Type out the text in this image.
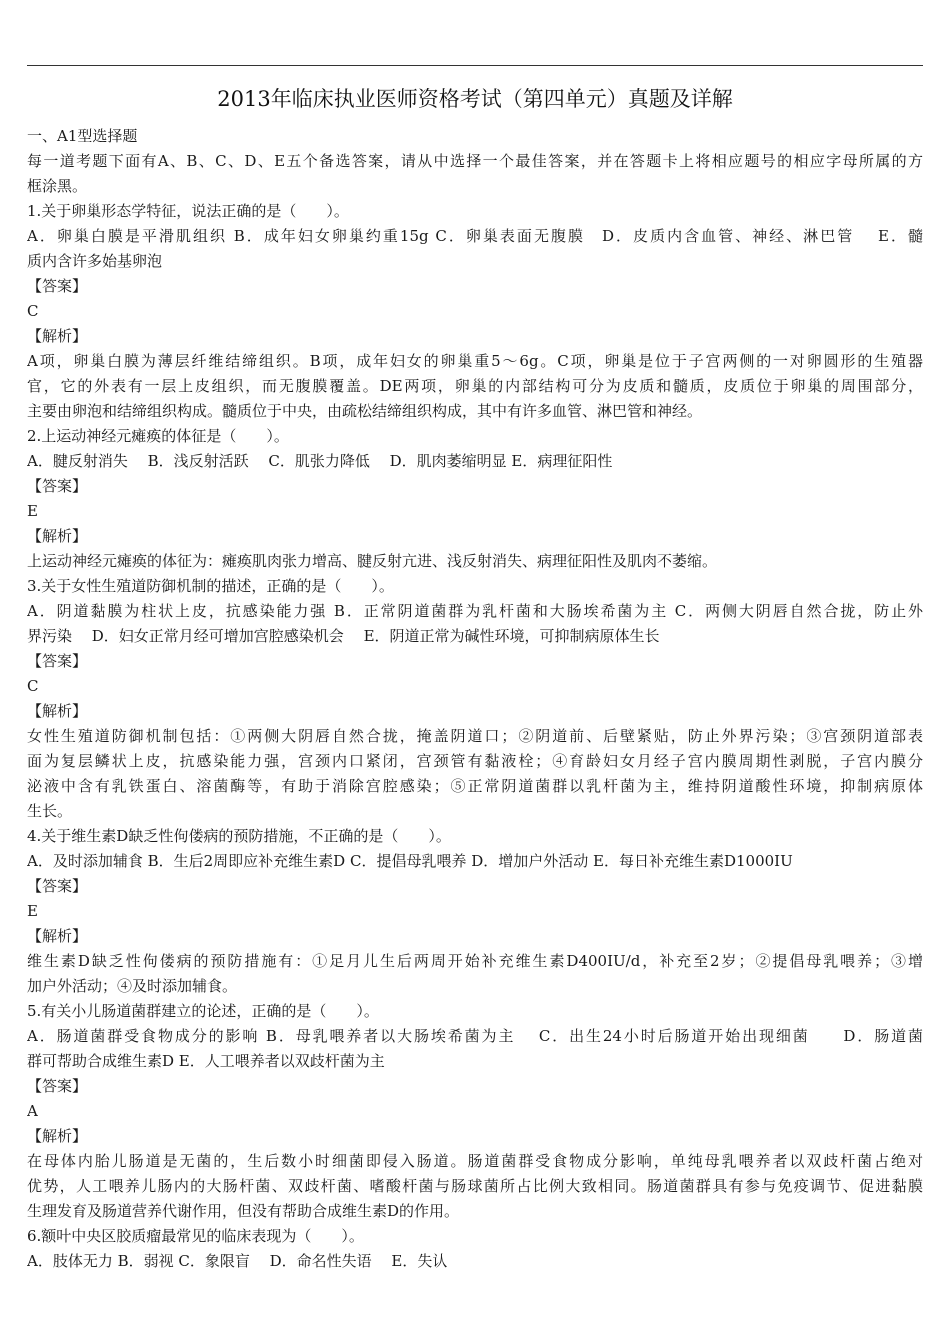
2013年临床执业医师资格考试（第四单元）真题及详解
一、A1型选择题
每一道考题下面有A、B、C、D、E五个备选答案，请从中选择一个最佳答案，并在答题卡上将相应题号的相应字母所属的方
框涂黑。
1.关于卵巢形态学特征，说法正确的是（　　）。
A．卵巢白膜是平滑肌组织 B．成年妇女卵巢约重15g C．卵巢表面无腹膜　D．皮质内含血管、神经、淋巴管　 E．髓
质内含许多始基卵泡
【答案】
C
【解析】
A项，卵巢白膜为薄层纤维结缔组织。B项，成年妇女的卵巢重5～6g。C项，卵巢是位于子宫两侧的一对卵圆形的生殖器
官，它的外表有一层上皮组织，而无腹膜覆盖。DE两项，卵巢的内部结构可分为皮质和髓质，皮质位于卵巢的周围部分，
主要由卵泡和结缔组织构成。髓质位于中央，由疏松结缔组织构成，其中有许多血管、淋巴管和神经。
2.上运动神经元瘫痪的体征是（　　）。
A．腱反射消失　 B．浅反射活跃　 C．肌张力降低　 D．肌肉萎缩明显 E．病理征阳性
【答案】
E
【解析】
上运动神经元瘫痪的体征为：瘫痪肌肉张力增高、腱反射亢进、浅反射消失、病理征阳性及肌肉不萎缩。
3.关于女性生殖道防御机制的描述，正确的是（　　）。
A．阴道黏膜为柱状上皮，抗感染能力强 B．正常阴道菌群为乳杆菌和大肠埃希菌为主 C．两侧大阴唇自然合拢，防止外
界污染　 D．妇女正常月经可增加宫腔感染机会　 E．阴道正常为碱性环境，可抑制病原体生长
【答案】
C
【解析】
女性生殖道防御机制包括：①两侧大阴唇自然合拢，掩盖阴道口；②阴道前、后壁紧贴，防止外界污染；③宫颈阴道部表
面为复层鳞状上皮，抗感染能力强，宫颈内口紧闭，宫颈管有黏液栓；④育龄妇女月经子宫内膜周期性剥脱，子宫内膜分
泌液中含有乳铁蛋白、溶菌酶等，有助于消除宫腔感染；⑤正常阴道菌群以乳杆菌为主，维持阴道酸性环境，抑制病原体
生长。
4.关于维生素D缺乏性佝偻病的预防措施，不正确的是（　　）。
A．及时添加辅食 B．生后2周即应补充维生素D C．提倡母乳喂养 D．增加户外活动 E．每日补充维生素D1000IU
【答案】
E
【解析】
维生素D缺乏性佝偻病的预防措施有：①足月儿生后两周开始补充维生素D400IU/d，补充至2岁；②提倡母乳喂养；③增
加户外活动；④及时添加辅食。
5.有关小儿肠道菌群建立的论述，正确的是（　　）。
A．肠道菌群受食物成分的影响 B．母乳喂养者以大肠埃希菌为主　 C．出生24小时后肠道开始出现细菌　　D．肠道菌
群可帮助合成维生素D E．人工喂养者以双歧杆菌为主
【答案】
A
【解析】
在母体内胎儿肠道是无菌的，生后数小时细菌即侵入肠道。肠道菌群受食物成分影响，单纯母乳喂养者以双歧杆菌占绝对
优势，人工喂养儿肠内的大肠杆菌、双歧杆菌、嗜酸杆菌与肠球菌所占比例大致相同。肠道菌群具有参与免疫调节、促进黏膜
生理发育及肠道营养代谢作用，但没有帮助合成维生素D的作用。
6.额叶中央区胶质瘤最常见的临床表现为（　　）。
A．肢体无力 B．弱视 C．象限盲　 D．命名性失语　 E．失认
